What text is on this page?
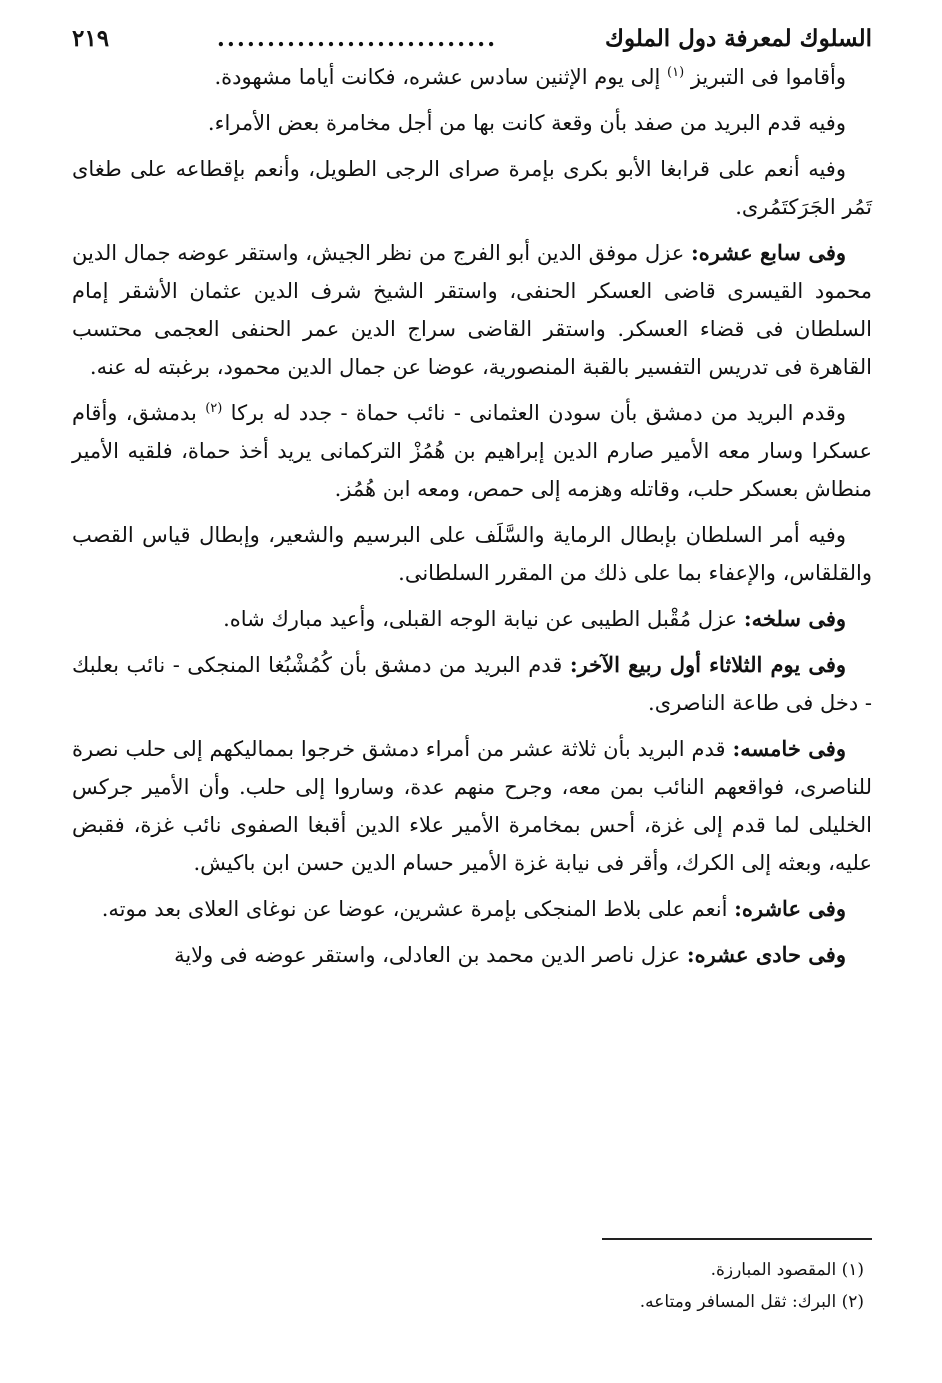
السلوك لمعرفة دول الملوك
............................
٢١٩

وأقاموا فى التبريز $^{(١)}$ إلى يوم الإثنين سادس عشره، فكانت أياما مشهودة.

وفيه قدم البريد من صفد بأن وقعة كانت بها من أجل مخامرة بعض الأمراء.

وفيه أنعم على قرابغا الأبو بكرى بإمرة صراى الرجى الطويل، وأنعم بإقطاعه على طغاى تَمُر الجَرَكتَمُرى.

وفى سابع عشره: عزل موفق الدين أبو الفرج من نظر الجيش، واستقر عوضه جمال الدين محمود القيسرى قاضى العسكر الحنفى، واستقر الشيخ شرف الدين عثمان الأشقر إمام السلطان فى قضاء العسكر. واستقر القاضى سراج الدين عمر الحنفى العجمى محتسب القاهرة فى تدريس التفسير بالقبة المنصورية، عوضا عن جمال الدين محمود، برغبته له عنه.

وقدم البريد من دمشق بأن سودن العثمانى - نائب حماة - جدد له بركا $^{(٢)}$ بدمشق، وأقام عسكرا وسار معه الأمير صارم الدين إبراهيم بن هُمُزْ التركمانى يريد أخذ حماة، فلقيه الأمير منطاش بعسكر حلب، وقاتله وهزمه إلى حمص، ومعه ابن هُمُز.

وفيه أمر السلطان بإبطال الرماية والسَّلَف على البرسيم والشعير، وإبطال قياس القصب والقلقاس، والإعفاء بما على ذلك من المقرر السلطانى.

وفى سلخه: عزل مُقْبل الطيبى عن نيابة الوجه القبلى، وأعيد مبارك شاه.

وفى يوم الثلاثاء أول ربيع الآخر: قدم البريد من دمشق بأن كُمُشْبُغا المنجكى - نائب بعلبك - دخل فى طاعة الناصرى.

وفى خامسه: قدم البريد بأن ثلاثة عشر من أمراء دمشق خرجوا بمماليكهم إلى حلب نصرة للناصرى، فواقعهم النائب بمن معه، وجرح منهم عدة، وساروا إلى حلب. وأن الأمير جركس الخليلى لما قدم إلى غزة، أحس بمخامرة الأمير علاء الدين أقبغا الصفوى نائب غزة، فقبض عليه، وبعثه إلى الكرك، وأقر فى نيابة غزة الأمير حسام الدين حسن ابن باكيش.

وفى عاشره: أنعم على بلاط المنجكى بإمرة عشرين، عوضا عن نوغاى العلاى بعد موته.

وفى حادى عشره: عزل ناصر الدين محمد بن العادلى، واستقر عوضه فى ولاية

(١) المقصود المبارزة.
(٢) البرك: ثقل المسافر ومتاعه.
